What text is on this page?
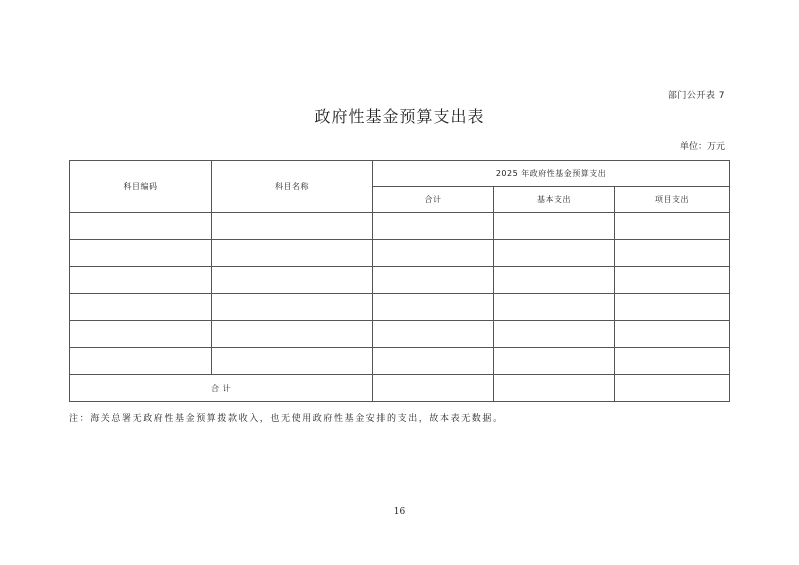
部门公开表 7
政府性基金预算支出表
单位：万元
科目编码	科目名称	2025 年政府性基金预算支出		
		合计	基本支出	项目支出

合 计				
注：海关总署无政府性基金预算拨款收入，也无使用政府性基金安排的支出，故本表无数据。
16
